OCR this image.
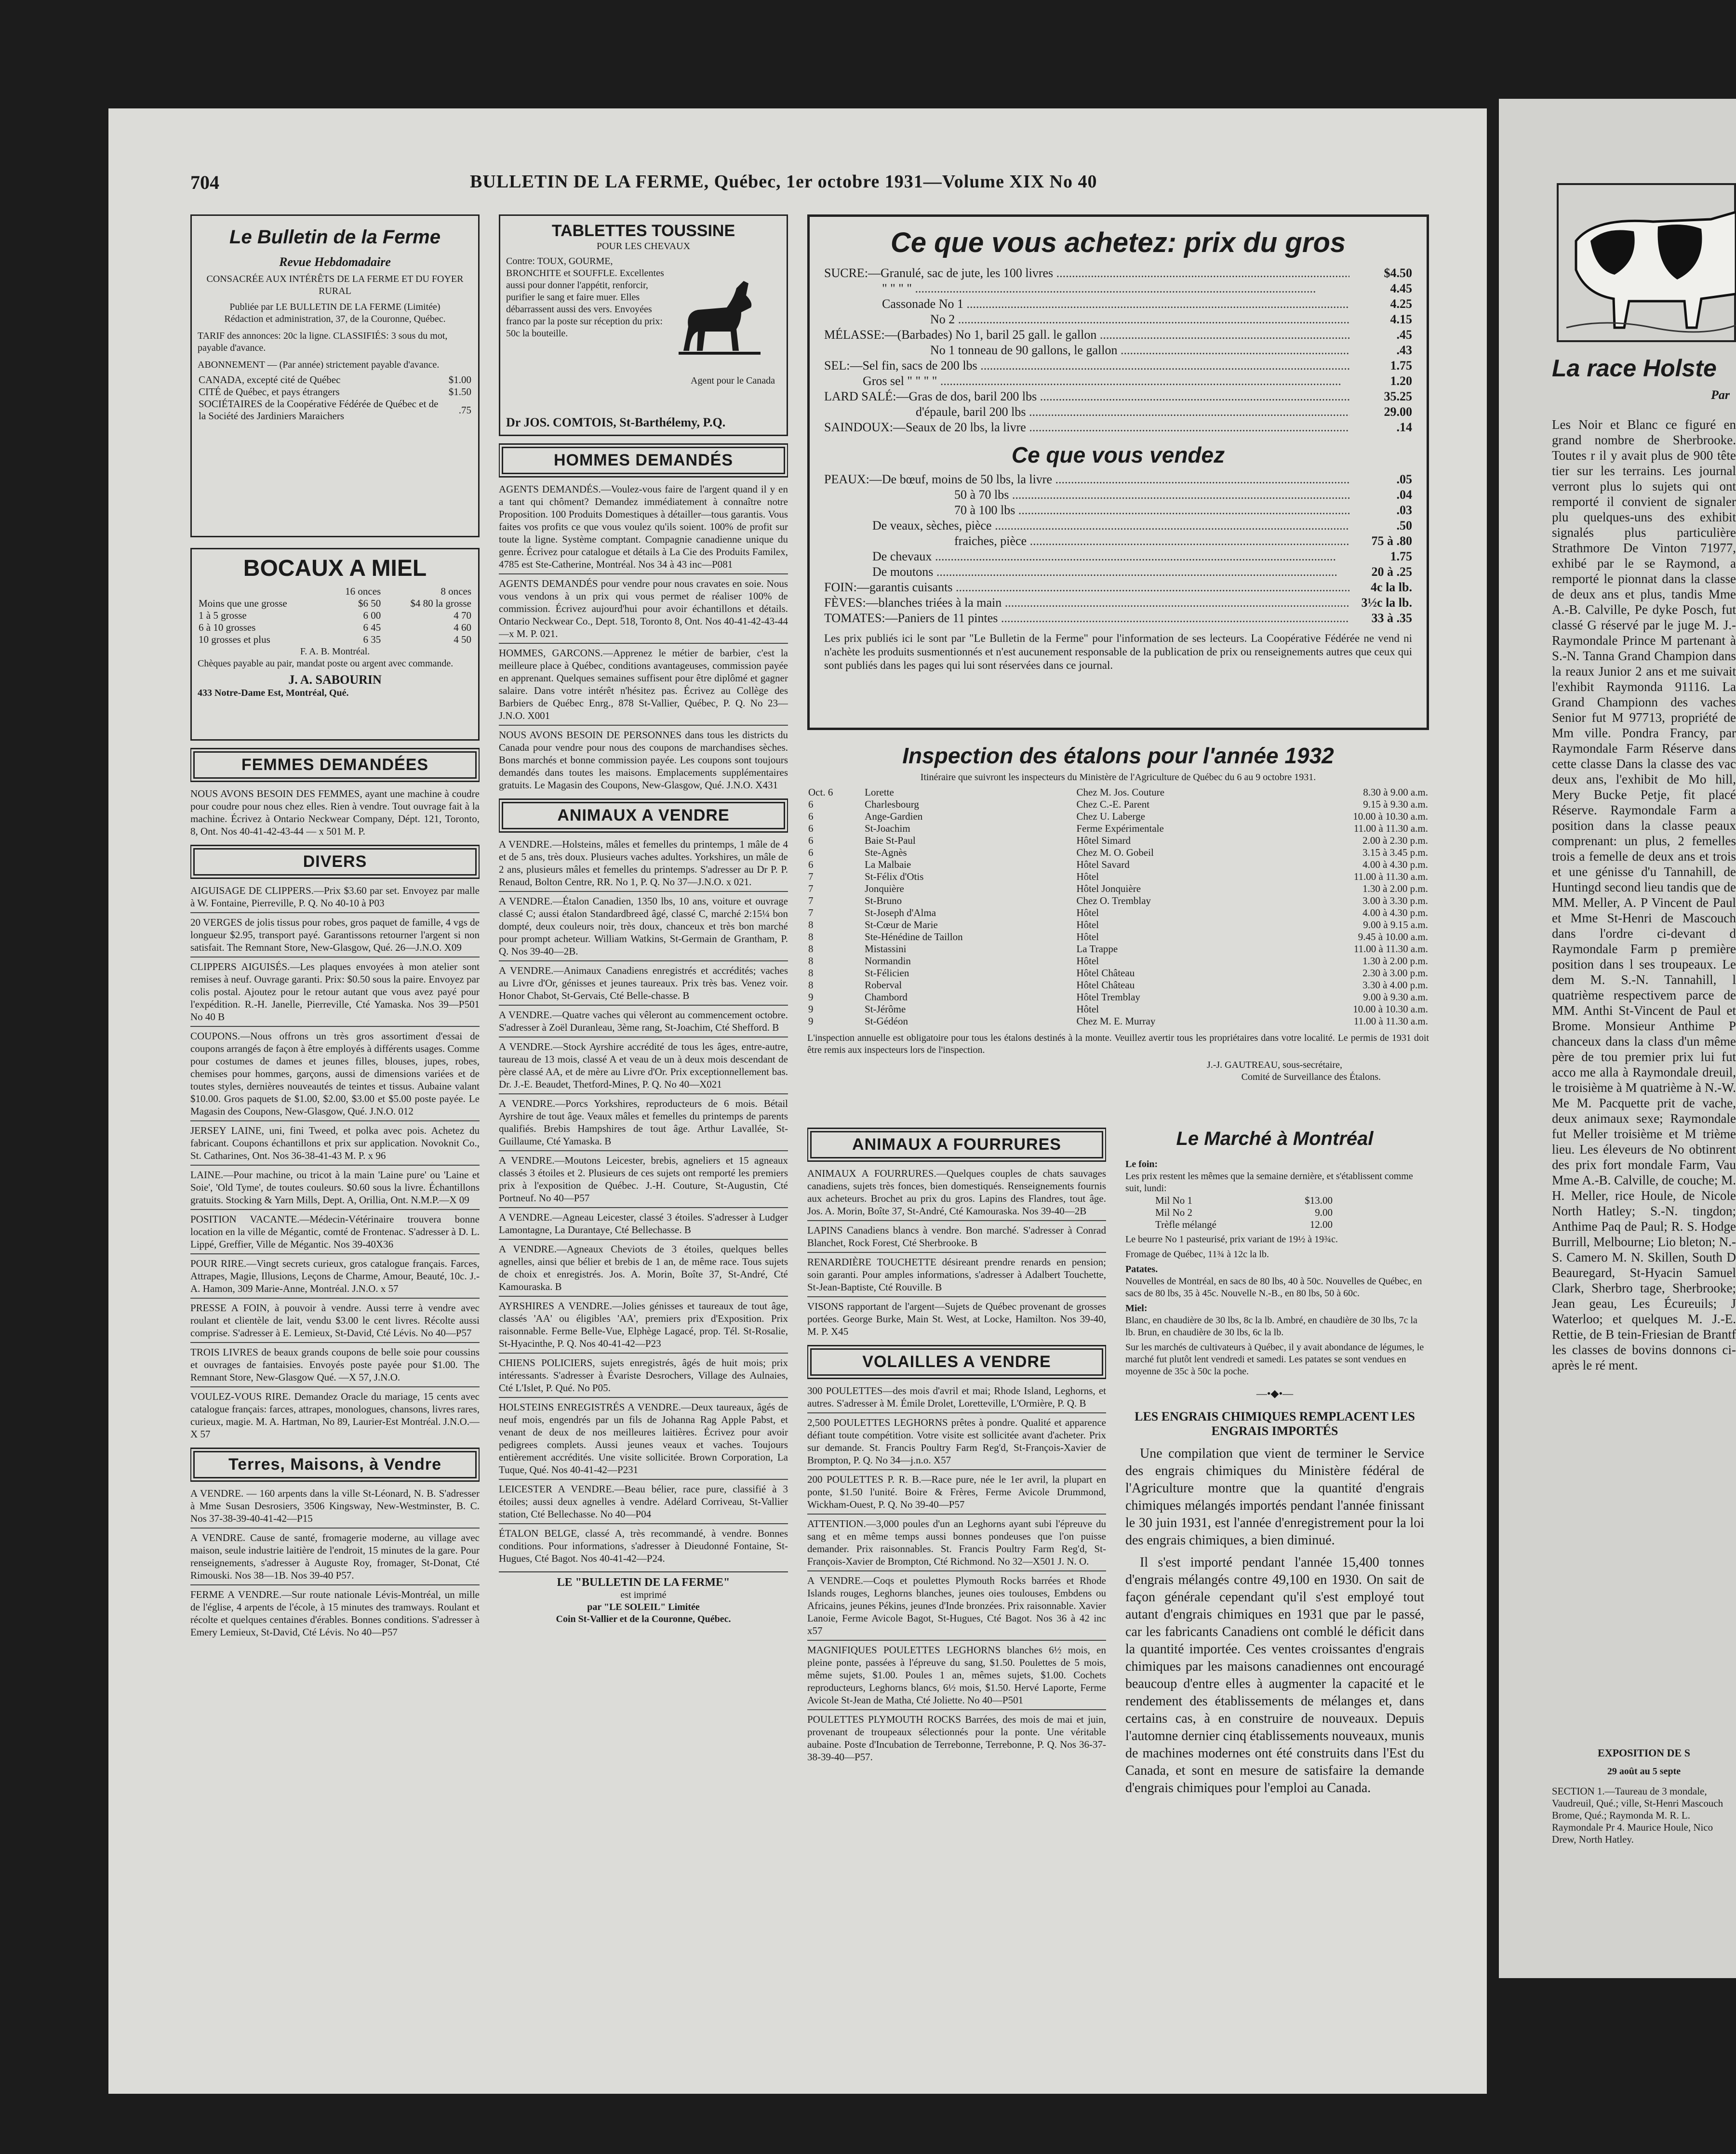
704	BULLETIN DE LA FERME, Québec, 1er octobre 1931—Volume XIX No 40
Le Bulletin de la Ferme
Revue Hebdomadaire
CONSACRÉE AUX INTÉRÊTS DE LA FERME ET DU FOYER RURAL
Publiée par LE BULLETIN DE LA FERME (Limitée)
Rédaction et administration, 37, de la Couronne, Québec.
TARIF des annonces: 20c la ligne. CLASSIFIÉS: 3 sous du mot, payable d'avance.
ABONNEMENT — (Par année) strictement payable d'avance.
CANADA, excepté cité de Québec	$1.00
CITÉ de Québec, et pays étrangers	$1.50
SOCIÉTAIRES de la Coopérative Fédérée de Québec et de la Société des Jardiniers Maraichers	.75
BOCAUX A MIEL
	16 onces	8 onces
Moins que une grosse	$6 50	$4 80 la grosse
1 à 5 grosse	6 00	4 70
6 à 10 grosses	6 45	4 60
10 grosses et plus	6 35	4 50
F. A. B. Montréal.
Chèques payable au pair, mandat poste ou argent avec commande.
J. A. SABOURIN
433 Notre-Dame Est, Montréal, Qué.
FEMMES DEMANDÉES

NOUS AVONS BESOIN DES FEMMES, ayant une machine à coudre pour coudre pour nous chez elles. Rien à vendre. Tout ouvrage fait à la machine. Écrivez à Ontario Neckwear Company, Dépt. 121, Toronto, 8, Ont. Nos 40-41-42-43-44 — x 501 M. P.

DIVERS

AIGUISAGE DE CLIPPERS.—Prix $3.60 par set. Envoyez par malle à W. Fontaine, Pierreville, P. Q. No 40-10 à P03

20 VERGES de jolis tissus pour robes, gros paquet de famille, 4 vgs de longueur $2.95, transport payé. Garantissons retourner l'argent si non satisfait. The Remnant Store, New-Glasgow, Qué. 26—J.N.O. X09

CLIPPERS AIGUISÉS.—Les plaques envoyées à mon atelier sont remises à neuf. Ouvrage garanti. Prix: $0.50 sous la paire. Envoyez par colis postal. Ajoutez pour le retour autant que vous avez payé pour l'expédition. R.-H. Janelle, Pierreville, Cté Yamaska. Nos 39—P501 No 40 B

COUPONS.—Nous offrons un très gros assortiment d'essai de coupons arrangés de façon à être employés à différents usages. Comme pour costumes de dames et jeunes filles, blouses, jupes, robes, chemises pour hommes, garçons, aussi de dimensions variées et de toutes styles, dernières nouveautés de teintes et tissus. Aubaine valant $10.00. Gros paquets de $1.00, $2.00, $3.00 et $5.00 poste payée. Le Magasin des Coupons, New-Glasgow, Qué. J.N.O. 012

JERSEY LAINE, uni, fini Tweed, et polka avec pois. Achetez du fabricant. Coupons échantillons et prix sur application. Novoknit Co., St. Catharines, Ont. Nos 36-38-41-43 M. P. x 96

LAINE.—Pour machine, ou tricot à la main 'Laine pure' ou 'Laine et Soie', 'Old Tyme', de toutes couleurs. $0.60 sous la livre. Échantillons gratuits. Stocking & Yarn Mills, Dept. A, Orillia, Ont. N.M.P.—X 09

POSITION VACANTE.—Médecin-Vétérinaire trouvera bonne location en la ville de Mégantic, comté de Frontenac. S'adresser à D. L. Lippé, Greffier, Ville de Mégantic. Nos 39-40X36

POUR RIRE.—Vingt secrets curieux, gros catalogue français. Farces, Attrapes, Magie, Illusions, Leçons de Charme, Amour, Beauté, 10c. J.-A. Hamon, 309 Marie-Anne, Montréal. J.N.O. x 57

PRESSE A FOIN, à pouvoir à vendre. Aussi terre à vendre avec roulant et clientèle de lait, vendu $3.00 le cent livres. Récolte aussi comprise. S'adresser à E. Lemieux, St-David, Cté Lévis. No 40—P57

TROIS LIVRES de beaux grands coupons de belle soie pour coussins et ouvrages de fantaisies. Envoyés poste payée pour $1.00. The Remnant Store, New-Glasgow Qué. —X 57, J.N.O.

VOULEZ-VOUS RIRE. Demandez Oracle du mariage, 15 cents avec catalogue français: farces, attrapes, monologues, chansons, livres rares, curieux, magie. M. A. Hartman, No 89, Laurier-Est Montréal. J.N.O.—X 57

Terres, Maisons, à Vendre

A VENDRE. — 160 arpents dans la ville St-Léonard, N. B. S'adresser à Mme Susan Desrosiers, 3506 Kingsway, New-Westminster, B. C. Nos 37-38-39-40-41-42—P15

A VENDRE. Cause de santé, fromagerie moderne, au village avec maison, seule industrie laitière de l'endroit, 15 minutes de la gare. Pour renseignements, s'adresser à Auguste Roy, fromager, St-Donat, Cté Rimouski. Nos 38—1B. Nos 39-40 P57.

FERME A VENDRE.—Sur route nationale Lévis-Montréal, un mille de l'église, 4 arpents de l'école, à 15 minutes des tramways. Roulant et récolte et quelques centaines d'érables. Bonnes conditions. S'adresser à Emery Lemieux, St-David, Cté Lévis. No 40—P57

TABLETTES TOUSSINE
POUR LES CHEVAUX
Contre: TOUX, GOURME, BRONCHITE et SOUFFLE. Excellentes aussi pour donner l'appétit, renforcir, purifier le sang et faire muer. Elles débarrassent aussi des vers. Envoyées franco par la poste sur réception du prix: 50c la bouteille.
Agent pour le Canada
Dr JOS. COMTOIS, St-Barthélemy, P.Q.
HOMMES DEMANDÉS

AGENTS DEMANDÉS.—Voulez-vous faire de l'argent quand il y en a tant qui chôment? Demandez immédiatement à connaître notre Proposition. 100 Produits Domestiques à détailler—tous garantis. Vous faites vos profits ce que vous voulez qu'ils soient. 100% de profit sur toute la ligne. Système comptant. Compagnie canadienne unique du genre. Écrivez pour catalogue et détails à La Cie des Produits Familex, 4785 est Ste-Catherine, Montréal. Nos 34 à 43 inc—P081

AGENTS DEMANDÉS pour vendre pour nous cravates en soie. Nous vous vendons à un prix qui vous permet de réaliser 100% de commission. Écrivez aujourd'hui pour avoir échantillons et détails. Ontario Neckwear Co., Dept. 518, Toronto 8, Ont. Nos 40-41-42-43-44—x M. P. 021.

HOMMES, GARCONS.—Apprenez le métier de barbier, c'est la meilleure place à Québec, conditions avantageuses, commission payée en apprenant. Quelques semaines suffisent pour être diplômé et gagner salaire. Dans votre intérêt n'hésitez pas. Écrivez au Collège des Barbiers de Québec Enrg., 878 St-Vallier, Québec, P. Q. No 23—J.N.O. X001

NOUS AVONS BESOIN DE PERSONNES dans tous les districts du Canada pour vendre pour nous des coupons de marchandises sèches. Bons marchés et bonne commission payée. Les coupons sont toujours demandés dans toutes les maisons. Emplacements supplémentaires gratuits. Le Magasin des Coupons, New-Glasgow, Qué. J.N.O. X431

ANIMAUX A VENDRE

A VENDRE.—Holsteins, mâles et femelles du printemps, 1 mâle de 4 et de 5 ans, très doux. Plusieurs vaches adultes. Yorkshires, un mâle de 2 ans, plusieurs mâles et femelles du printemps. S'adresser au Dr P. P. Renaud, Bolton Centre, RR. No 1, P. Q. No 37—J.N.O. x 021.

A VENDRE.—Étalon Canadien, 1350 lbs, 10 ans, voiture et ouvrage classé C; aussi étalon Standardbreed âgé, classé C, marché 2:15¼ bon dompté, deux couleurs noir, très doux, chanceux et très bon marché pour prompt acheteur. William Watkins, St-Germain de Grantham, P. Q. Nos 39-40—2B.

A VENDRE.—Animaux Canadiens enregistrés et accrédités; vaches au Livre d'Or, génisses et jeunes taureaux. Prix très bas. Venez voir. Honor Chabot, St-Gervais, Cté Belle-chasse. B

A VENDRE.—Quatre vaches qui vêleront au commencement octobre. S'adresser à Zoël Duranleau, 3ème rang, St-Joachim, Cté Shefford. B

A VENDRE.—Stock Ayrshire accrédité de tous les âges, entre-autre, taureau de 13 mois, classé A et veau de un à deux mois descendant de père classé AA, et de mère au Livre d'Or. Prix exceptionnellement bas. Dr. J.-E. Beaudet, Thetford-Mines, P. Q. No 40—X021

A VENDRE.—Porcs Yorkshires, reproducteurs de 6 mois. Bétail Ayrshire de tout âge. Veaux mâles et femelles du printemps de parents qualifiés. Brebis Hampshires de tout âge. Arthur Lavallée, St-Guillaume, Cté Yamaska. B

A VENDRE.—Moutons Leicester, brebis, agneliers et 15 agneaux classés 3 étoiles et 2. Plusieurs de ces sujets ont remporté les premiers prix à l'exposition de Québec. J.-H. Couture, St-Augustin, Cté Portneuf. No 40—P57

A VENDRE.—Agneau Leicester, classé 3 étoiles. S'adresser à Ludger Lamontagne, La Durantaye, Cté Bellechasse. B

A VENDRE.—Agneaux Cheviots de 3 étoiles, quelques belles agnelles, ainsi que bélier et brebis de 1 an, de même race. Tous sujets de choix et enregistrés. Jos. A. Morin, Boîte 37, St-André, Cté Kamouraska. B

AYRSHIRES A VENDRE.—Jolies génisses et taureaux de tout âge, classés 'AA' ou éligibles 'AA', premiers prix d'Exposition. Prix raisonnable. Ferme Belle-Vue, Elphège Lagacé, prop. Tél. St-Rosalie, St-Hyacinthe, P. Q. Nos 40-41-42—P23

CHIENS POLICIERS, sujets enregistrés, âgés de huit mois; prix intéressants. S'adresser à Évariste Desrochers, Village des Aulnaies, Cté L'Islet, P. Qué. No P05.

HOLSTEINS ENREGISTRÉS A VENDRE.—Deux taureaux, âgés de neuf mois, engendrés par un fils de Johanna Rag Apple Pabst, et venant de deux de nos meilleures laitières. Écrivez pour avoir pedigrees complets. Aussi jeunes veaux et vaches. Toujours entièrement accrédités. Une visite sollicitée. Brown Corporation, La Tuque, Qué. Nos 40-41-42—P231

LEICESTER A VENDRE.—Beau bélier, race pure, classifié à 3 étoiles; aussi deux agnelles à vendre. Adélard Corriveau, St-Vallier station, Cté Bellechasse. No 40—P04

ÉTALON BELGE, classé A, très recommandé, à vendre. Bonnes conditions. Pour informations, s'adresser à Dieudonné Fontaine, St-Hugues, Cté Bagot. Nos 40-41-42—P24.

LE "BULLETIN DE LA FERME"
est imprimé
par "LE SOLEIL" Limitée
Coin St-Vallier et de la Couronne, Québec.
Ce que vous achetez: prix du gros
SUCRE:—Granulé, sac de jute, les 100 livres .....	$4.50
" " " " .....	4.45
Cassonade No 1 .....	4.25
No 2 .....	4.15
MÉLASSE:—(Barbades) No 1, baril 25 gall. le gallon .....	.45
No 1 tonneau de 90 gallons, le gallon .....	.43
SEL:—Sel fin, sacs de 200 lbs .....	1.75
Gros sel " " " " .....	1.20
LARD SALÉ:—Gras de dos, baril 200 lbs .....	35.25
d'épaule, baril 200 lbs .....	29.00
SAINDOUX:—Seaux de 20 lbs, la livre .....	.14
Ce que vous vendez
PEAUX:—De bœuf, moins de 50 lbs, la livre .....	.05
50 à 70 lbs .....	.04
70 à 100 lbs .....	.03
De veaux, sèches, pièce .....	.50
fraiches, pièce .....	75 à .80
De chevaux .....	1.75
De moutons .....	20 à .25
FOIN:—garantis cuisants .....	4c la lb.
FÈVES:—blanches triées à la main .....	3½c la lb.
TOMATES:—Paniers de 11 pintes .....	33 à .35
Les prix publiés ici le sont par "Le Bulletin de la Ferme" pour l'information de ses lecteurs. La Coopérative Fédérée ne vend ni n'achète les produits susmentionnés et n'est aucunement responsable de la publication de prix ou renseignements autres que ceux qui sont publiés dans les pages qui lui sont réservées dans ce journal.
Inspection des étalons pour l'année 1932
Itinéraire que suivront les inspecteurs du Ministère de l'Agriculture de Québec du 6 au 9 octobre 1931.
Oct. 6	Lorette	Chez M. Jos. Couture	8.30 à 9.00 a.m.
6	Charlesbourg	Chez C.-E. Parent	9.15 à 9.30 a.m.
6	Ange-Gardien	Chez U. Laberge	10.00 à 10.30 a.m.
6	St-Joachim	Ferme Expérimentale	11.00 à 11.30 a.m.
6	Baie St-Paul	Hôtel Simard	2.00 à 2.30 p.m.
6	Ste-Agnès	Chez M. O. Gobeil	3.15 à 3.45 p.m.
6	La Malbaie	Hôtel Savard	4.00 à 4.30 p.m.
7	St-Félix d'Otis	Hôtel	11.00 à 11.30 a.m.
7	Jonquière	Hôtel Jonquière	1.30 à 2.00 p.m.
7	St-Bruno	Chez O. Tremblay	3.00 à 3.30 p.m.
7	St-Joseph d'Alma	Hôtel	4.00 à 4.30 p.m.
8	St-Cœur de Marie	Hôtel	9.00 à 9.15 a.m.
8	Ste-Hénédine de Taillon	Hôtel	9.45 à 10.00 a.m.
8	Mistassini	La Trappe	11.00 à 11.30 a.m.
8	Normandin	Hôtel	1.30 à 2.00 p.m.
8	St-Félicien	Hôtel Château	2.30 à 3.00 p.m.
8	Roberval	Hôtel Château	3.30 à 4.00 p.m.
9	Chambord	Hôtel Tremblay	9.00 à 9.30 a.m.
9	St-Jérôme	Hôtel	10.00 à 10.30 a.m.
9	St-Gédéon	Chez M. E. Murray	11.00 à 11.30 a.m.
L'inspection annuelle est obligatoire pour tous les étalons destinés à la monte. Veuillez avertir tous les propriétaires dans votre localité. Le permis de 1931 doit être remis aux inspecteurs lors de l'inspection.
J.-J. GAUTREAU, sous-secrétaire,
Comité de Surveillance des Étalons.
ANIMAUX A FOURRURES

ANIMAUX A FOURRURES.—Quelques couples de chats sauvages canadiens, sujets très fonces, bien domestiqués. Renseignements fournis aux acheteurs. Brochet au prix du gros. Lapins des Flandres, tout âge. Jos. A. Morin, Boîte 37, St-André, Cté Kamouraska. Nos 39-40—2B

LAPINS Canadiens blancs à vendre. Bon marché. S'adresser à Conrad Blanchet, Rock Forest, Cté Sherbrooke. B

RENARDIÈRE TOUCHETTE désireant prendre renards en pension; soin garanti. Pour amples informations, s'adresser à Adalbert Touchette, St-Jean-Baptiste, Cté Rouville. B

VISONS rapportant de l'argent—Sujets de Québec provenant de grosses portées. George Burke, Main St. West, at Locke, Hamilton. Nos 39-40, M. P. X45

VOLAILLES A VENDRE

300 POULETTES—des mois d'avril et mai; Rhode Island, Leghorns, et autres. S'adresser à M. Émile Drolet, Loretteville, L'Ormière, P. Q. B

2,500 POULETTES LEGHORNS prêtes à pondre. Qualité et apparence défiant toute compétition. Votre visite est sollicitée avant d'acheter. Prix sur demande. St. Francis Poultry Farm Reg'd, St-François-Xavier de Brompton, P. Q. No 34—j.n.o. X57

200 POULETTES P. R. B.—Race pure, née le 1er avril, la plupart en ponte, $1.50 l'unité. Boire & Frères, Ferme Avicole Drummond, Wickham-Ouest, P. Q. No 39-40—P57

ATTENTION.—3,000 poules d'un an Leghorns ayant subi l'épreuve du sang et en même temps aussi bonnes pondeuses que l'on puisse demander. Prix raisonnables. St. Francis Poultry Farm Reg'd, St-François-Xavier de Brompton, Cté Richmond. No 32—X501 J. N. O.

A VENDRE.—Coqs et poulettes Plymouth Rocks barrées et Rhode Islands rouges, Leghorns blanches, jeunes oies toulouses, Embdens ou Africains, jeunes Pékins, jeunes d'Inde bronzées. Prix raisonnable. Xavier Lanoie, Ferme Avicole Bagot, St-Hugues, Cté Bagot. Nos 36 à 42 inc x57

MAGNIFIQUES POULETTES LEGHORNS blanches 6½ mois, en pleine ponte, passées à l'épreuve du sang, $1.50. Poulettes de 5 mois, même sujets, $1.00. Poules 1 an, mêmes sujets, $1.00. Cochets reproducteurs, Leghorns blancs, 6½ mois, $1.50. Hervé Laporte, Ferme Avicole St-Jean de Matha, Cté Joliette. No 40—P501

POULETTES PLYMOUTH ROCKS Barrées, des mois de mai et juin, provenant de troupeaux sélectionnés pour la ponte. Une véritable aubaine. Poste d'Incubation de Terrebonne, Terrebonne, P. Q. Nos 36-37-38-39-40—P57.

Le Marché à Montréal
Le foin:
Les prix restent les mêmes que la semaine dernière, et s'établissent comme suit, lundi:
Mil No 1	$13.00
Mil No 2	9.00
Trèfle mélangé	12.00
Le beurre No 1 pasteurisé, prix variant de 19½ à 19¾c.
Fromage de Québec, 11¾ à 12c la lb.
Patates.
Nouvelles de Montréal, en sacs de 80 lbs, 40 à 50c. Nouvelles de Québec, en sacs de 80 lbs, 35 à 45c. Nouvelle N.-B., en 80 lbs, 50 à 60c.
Miel:
Blanc, en chaudière de 30 lbs, 8c la lb. Ambré, en chaudière de 30 lbs, 7c la lb. Brun, en chaudière de 30 lbs, 6c la lb.
Sur les marchés de cultivateurs à Québec, il y avait abondance de légumes, le marché fut plutôt lent vendredi et samedi. Les patates se sont vendues en moyenne de 35c à 50c la poche.
—•◆•—
LES ENGRAIS CHIMIQUES REMPLACENT LES ENGRAIS IMPORTÉS

Une compilation que vient de terminer le Service des engrais chimiques du Ministère fédéral de l'Agriculture montre que la quantité d'engrais chimiques mélangés importés pendant l'année finissant le 30 juin 1931, est l'année d'enregistrement pour la loi des engrais chimiques, a bien diminué.

Il s'est importé pendant l'année 15,400 tonnes d'engrais mélangés contre 49,100 en 1930. On sait de façon générale cependant qu'il s'est employé tout autant d'engrais chimiques en 1931 que par le passé, car les fabricants Canadiens ont comblé le déficit dans la quantité importée. Ces ventes croissantes d'engrais chimiques par les maisons canadiennes ont encouragé beaucoup d'entre elles à augmenter la capacité et le rendement des établissements de mélanges et, dans certains cas, à en construire de nouveaux. Depuis l'automne dernier cinq établissements nouveaux, munis de machines modernes ont été construits dans l'Est du Canada, et sont en mesure de satisfaire la demande d'engrais chimiques pour l'emploi au Canada.

La race Holste
Par
Les Noir et Blanc ce figuré en grand nombre de Sherbrooke. Toutes r il y avait plus de 900 tête tier sur les terrains. Les journal verront plus lo sujets qui ont remporté il convient de signaler plu quelques-uns des exhibit signalés plus particulière Strathmore De Vinton 71977, exhibé par le se Raymond, a remporté le pionnat dans la classe de deux ans et plus, tandis Mme A.-B. Calville, Pe dyke Posch, fut classé G réservé par le juge M. J.- Raymondale Prince M partenant à S.-N. Tanna Grand Champion dans la reaux Junior 2 ans et me suivait l'exhibit Raymonda 91116. La Grand Championn des vaches Senior fut M 97713, propriété de Mm ville. Pondra Francy, par Raymondale Farm Réserve dans cette classe Dans la classe des vac deux ans, l'exhibit de Mo hill, Mery Bucke Petje, fit placé Réserve. Raymondale Farm a position dans la classe peaux comprenant: un plus, 2 femelles trois a femelle de deux ans et trois et une génisse d'u Tannahill, de Huntingd second lieu tandis que de MM. Meller, A. P Vincent de Paul et Mme St-Henri de Mascouch dans l'ordre ci-devant d Raymondale Farm p première position dans l ses troupeaux. Le dem M. S.-N. Tannahill, l quatrième respectivem parce de MM. Anthi St-Vincent de Paul et Brome. Monsieur Anthime P chanceux dans la class d'un même père de tou premier prix lui fut acco me alla à Raymondale dreuil, le troisième à M quatrième à N.-W. Me M. Pacquette prit de vache, deux animaux sexe; Raymondale fut Meller troisième et M trième lieu. Les éleveurs de No obtinrent des prix fort mondale Farm, Vau Mme A.-B. Calville, de couche; M. H. Meller, rice Houle, de Nicole North Hatley; S.-N. tingdon; Anthime Paq de Paul; R. S. Hodge Burrill, Melbourne; Lio bleton; N.-S. Camero M. N. Skillen, South D Beauregard, St-Hyacin Samuel Clark, Sherbro tage, Sherbrooke; Jean geau, Les Écureuils; J Waterloo; et quelques M. J.-E. Rettie, de B tein-Friesian de Brantf les classes de bovins donnons ci-après le ré ment.
EXPOSITION DE S
29 août au 5 septe
SECTION 1.—Taureau de 3 mondale, Vaudreuil, Qué.; ville, St-Henri Mascouch Brome, Qué.; Raymonda M. R. L. Raymondale Pr 4. Maurice Houle, Nico Drew, North Hatley.
